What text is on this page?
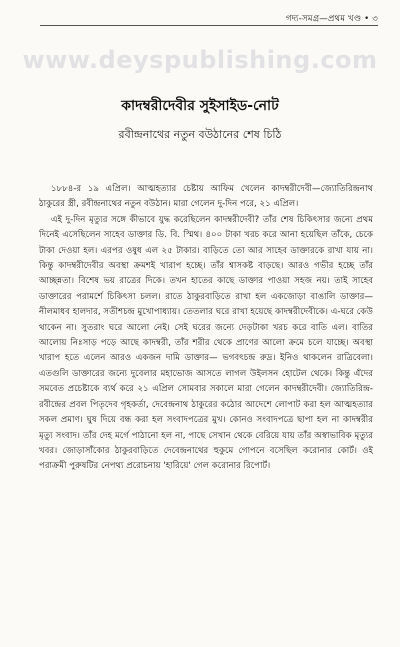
গদ্য-সমগ্র—প্রথম খণ্ড • ৩
www.deyspublishing.com
কাদম্বরীদেবীর সুইসাইড-নোট
রবীন্দ্রনাথের নতুন বউঠানের শেষ চিঠি

১৮৮৪-র ১৯ এপ্রিল। আত্মহত্যার চেষ্টায় আফিম খেলেন কাদম্বরীদেবী—জ্যোতিরিন্দ্রনাথ ঠাকুরের স্ত্রী, রবীন্দ্রনাথের নতুন বউঠান। মারা গেলেন দু-দিন পরে, ২১ এপ্রিল।

এই দু-দিন মৃত্যুর সঙ্গে কীভাবে যুদ্ধ করেছিলেন কাদম্বরীদেবী? তাঁর শেষ চিকিৎসার জন্যে প্রথম দিনেই এসেছিলেন সাহেব ডাক্তার ডি. বি. স্মিথ। ৪০০ টাকা খরচ করে আনা হয়েছিল তাঁকে, চেকে টাকা দেওয়া হল। এরপর ওষুধ এল ২৫ টাকার। বাড়িতে তো আর সাহেব ডাক্তারকে রাখা যায় না। কিন্তু কাদম্বরীদেবীর অবস্থা ক্রমশই খারাপ হচ্ছে। তাঁর শ্বাসকষ্ট বাড়ছে। আরও গভীর হচ্ছে তাঁর আচ্ছন্নতা। বিশেষ ভয় রাত্রের দিকে। তখন হাতের কাছে ডাক্তার পাওয়া সহজ নয়। তাই সাহেব ডাক্তারের পরামর্শে চিকিৎসা চলল। রাতে ঠাকুরবাড়িতে রাখা হল একজোড়া বাঙালি ডাক্তার— নীলমাধব হালদার, সতীশচন্দ্র মুখোপাধ্যায়। তেতলার ঘরে রাখা হয়েছে কাদম্বরীদেবীকে। এ-ঘরে কেউ থাকেন না। সুতরাং ঘরে আলো নেই। সেই ঘরের জন্যে দেড়টাকা খরচ করে বাতি এল। বাতির আলোয় নিঃসাড় পড়ে আছে কাদম্বরী, তাঁর শরীর থেকে প্রাণের আলো ক্রমে চলে যাচ্ছে। অবস্থা খারাপ হতে এলেন আরও একজন দামি ডাক্তার— ভগবৎচন্দ্র রুদ্র। ইনিও থাকলেন রাত্রিবেলা। এতগুলি ডাক্তারের জন্যে দুবেলার মহাভোজ আসতে লাগল উইলসন হোটেল থেকে। কিন্তু এঁদের সমবেত প্রচেষ্টাকে ব্যর্থ করে ২১ এপ্রিল সোমবার সকালে মারা গেলেন কাদম্বরীদেবী। জ্যোতিরিন্দ্র-রবীন্দ্রের প্রবল পিতৃদেব গৃহকর্তা, দেবেন্দ্রনাথ ঠাকুরের কঠোর আদেশে লোপাট করা হল আত্মহত্যার সকল প্রমাণ। ঘুষ দিয়ে বন্ধ করা হল সংবাদপত্রের মুখ। কোনও সংবাদপত্রে ছাপা হল না কাদম্বরীর মৃত্যু সংবাদ। তাঁর দেহ মর্গে পাঠানো হল না, পাছে সেখান থেকে বেরিয়ে যায় তাঁর অস্বাভাবিক মৃত্যুর খবর। জোড়াসাঁকোর ঠাকুরবাড়িতে দেবেন্দ্রনাথের হুকুমে গোপনে বসেছিল করোনার কোর্ট। ওই পরাক্রমী পুরুষটির নেপথ্য প্ররোচনায় 'হারিয়ে' গেল করোনার রিপোর্ট।
